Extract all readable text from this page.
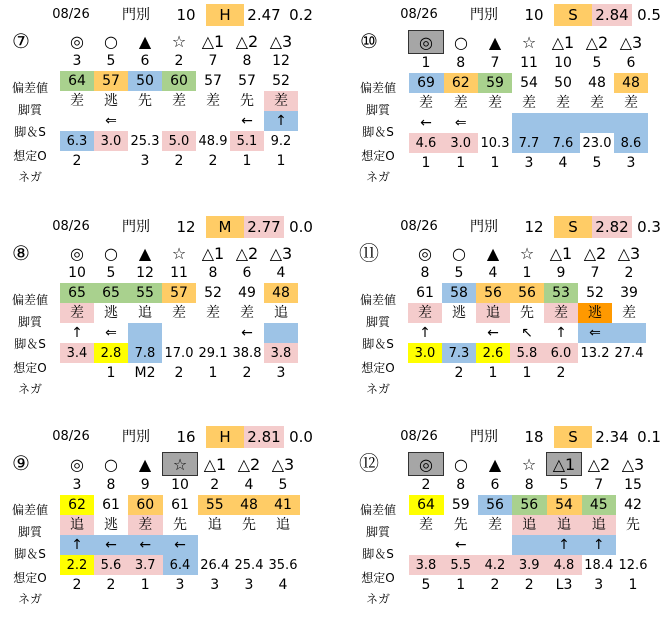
08/26	門別	10	H	2.47 0.2
⑦
偏差値
脚質
脚＆S
想定O
ネガ
◎	○	▲	☆	△1	△2	△3
3	5	6	2	7	8	12
64	57	50	60	57	57	52
差	逃	先	差	差	先	差
	⇐				←	↑
6.3	3.0	25.3	5.0	48.9	5.1	9.2
2		3	2	2	1	1
08/26	門別	10	S	2.84 0.5
⑩
偏差値
脚質
脚＆S
想定O
ネガ
◎	○	▲	☆	△1	△2	△3
1	8	7	11	10	5	6
69	62	59	54	50	48	48
差	差	差	差	差	差	差
←	⇐					
4.6	3.0	10.3	7.7	7.6	23.0	8.6
1	1	1	3	4	5	3
08/26	門別	12	M	2.77 0.0
⑧
偏差値
脚質
脚＆S
想定O
ネガ
◎	○	▲	☆	△1	△2	△3
10	5	12	11	8	6	4
65	65	55	57	52	49	48
差	逃	追	差	差	差	追
↑	⇐				←	
3.4	2.8	7.8	17.0	29.1	38.8	3.8
	1	M2	2	1	2	3
08/26	門別	12	S	2.82 0.3
⑪
偏差値
脚質
脚＆S
想定O
ネガ
◎	○	▲	☆	△1	△2	△3
8	5	4	1	9	7	2
61	58	56	56	53	52	39
差	逃	追	先	差	逃	差
↑		←	↖	↑	⇐	
3.0	7.3	2.6	5.8	6.0	13.2	27.4
	2	1	1	2		
08/26	門別	16	H	2.81 0.0
⑨
偏差値
脚質
脚＆S
想定O
ネガ
◎	○	▲	☆	△1	△2	△3
3	8	9	10	2	4	5
62	61	60	61	55	48	41
追	逃	差	先	追	先	追
↑	←	←	←			
2.2	5.6	3.7	6.4	26.4	25.4	35.6
2	2	1	3	3	3	4
08/26	門別	18	S	2.34 0.1
⑫
偏差値
脚質
脚＆S
想定O
ネガ
◎	○	▲	☆	△1	△2	△3
2	8	6	8	5	7	15
64	59	56	56	54	45	42
差	先	差	追	追	追	先
	←			↑	↑	
3.8	5.5	4.2	3.9	4.8	18.4	12.6
5	1	2	2	L3	3	1
